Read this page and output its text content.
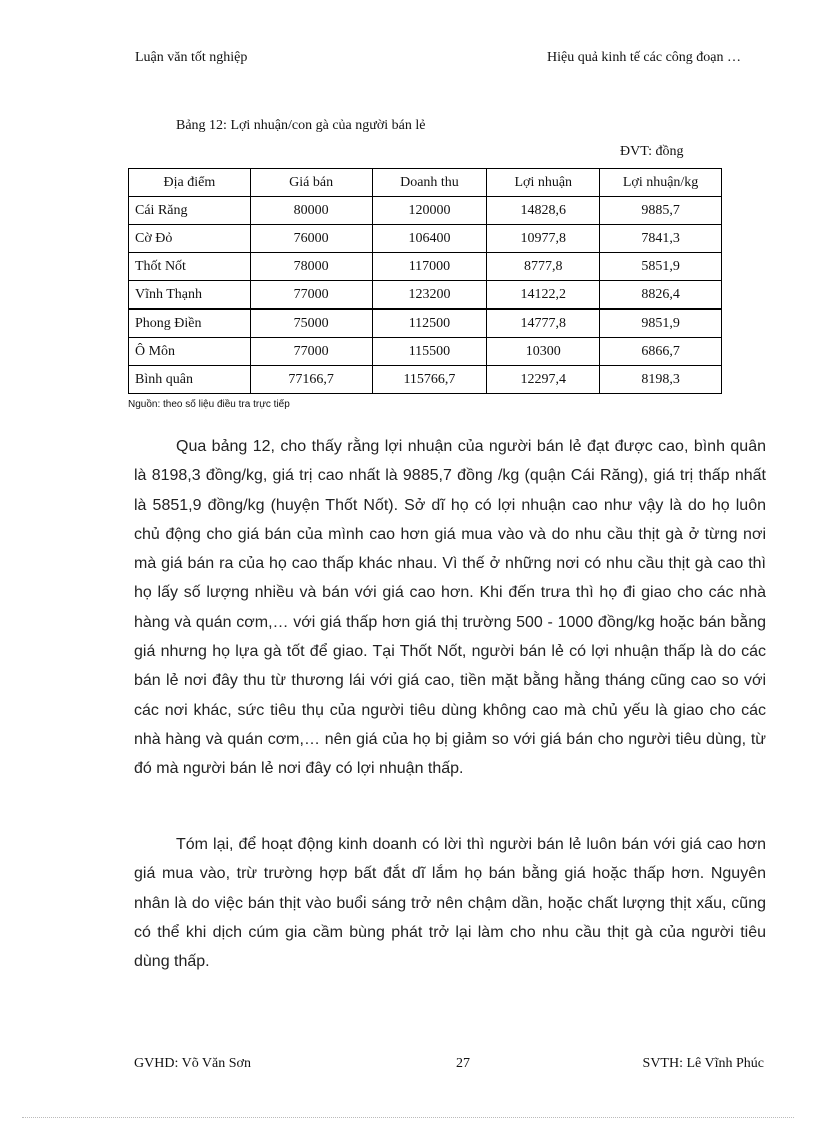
Luận văn tốt nghiệp	Hiệu quả kinh tế các công đoạn …
Bảng 12: Lợi nhuận/con gà của người bán lẻ
ĐVT: đồng
Địa điểm	Giá bán	Doanh thu	Lợi nhuận	Lợi nhuận/kg
Cái Răng	80000	120000	14828,6	9885,7
Cờ Đỏ	76000	106400	10977,8	7841,3
Thốt Nốt	78000	117000	8777,8	5851,9
Vĩnh Thạnh	77000	123200	14122,2	8826,4
Phong Điền	75000	112500	14777,8	9851,9
Ô Môn	77000	115500	10300	6866,7
Bình quân	77166,7	115766,7	12297,4	8198,3
Nguồn: theo số liệu điều tra trực tiếp

Qua bảng 12, cho thấy rằng lợi nhuận của người bán lẻ đạt được cao, bình quân là 8198,3 đồng/kg, giá trị cao nhất là 9885,7 đồng /kg (quận Cái Răng), giá trị thấp nhất là 5851,9 đồng/kg (huyện Thốt Nốt). Sở dĩ họ có lợi nhuận cao như vậy là do họ luôn chủ động cho giá bán của mình cao hơn giá mua vào và do nhu cầu thịt gà ở từng nơi mà giá bán ra của họ cao thấp khác nhau. Vì thế ở những nơi có nhu cầu thịt gà cao thì họ lấy số lượng nhiều và bán với giá cao hơn. Khi đến trưa thì họ đi giao cho các nhà hàng và quán cơm,… với giá thấp hơn giá thị trường 500 - 1000 đồng/kg hoặc bán bằng giá nhưng họ lựa gà tốt để giao. Tại Thốt Nốt, người bán lẻ có lợi nhuận thấp là do các bán lẻ nơi đây thu từ thương lái với giá cao, tiền mặt bằng hằng tháng cũng cao so với các nơi khác, sức tiêu thụ của người tiêu dùng không cao mà chủ yếu là giao cho các nhà hàng và quán cơm,… nên giá của họ bị giảm so với giá bán cho người tiêu dùng, từ đó mà người bán lẻ nơi đây có lợi nhuận thấp.

Tóm lại, để hoạt động kinh doanh có lời thì người bán lẻ luôn bán với giá cao hơn giá mua vào, trừ trường hợp bất đắt dĩ lắm họ bán bằng giá hoặc thấp hơn. Nguyên nhân là do việc bán thịt vào buổi sáng trở nên chậm dần, hoặc chất lượng thịt xấu, cũng có thể khi dịch cúm gia cầm bùng phát trở lại làm cho nhu cầu thịt gà của người tiêu dùng thấp.

GVHD: Võ Văn Sơn	27	SVTH: Lê Vĩnh Phúc
